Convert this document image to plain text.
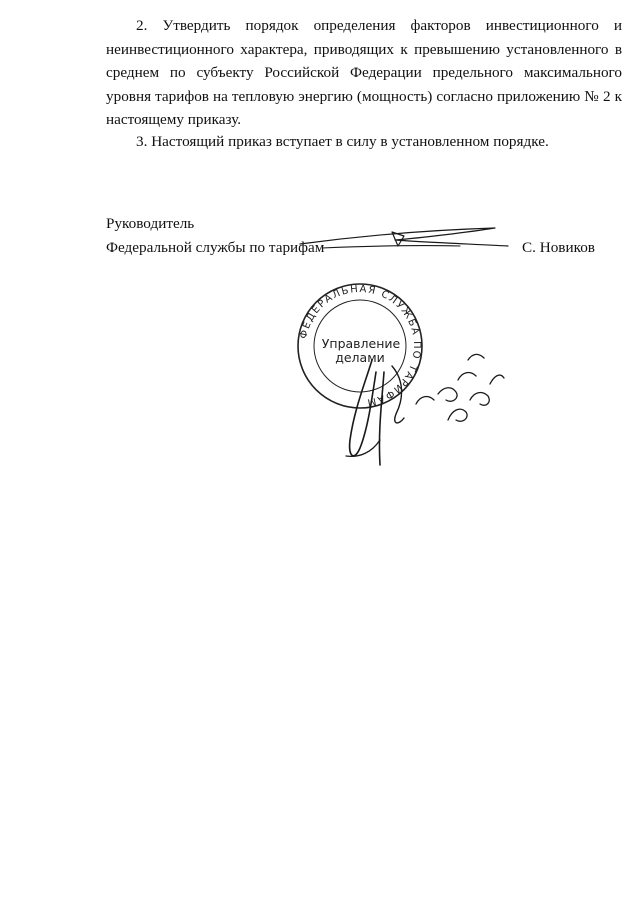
2. Утвердить порядок определения факторов инвестиционного и неинвестиционного характера, приводящих к превышению установленного в среднем по субъекту Российской Федерации предельного максимального уровня тарифов на тепловую энергию (мощность) согласно приложению № 2 к настоящему приказу.

3. Настоящий приказ вступает в силу в установленном порядке.

Руководитель
Федеральной службы по тарифам	С. Новиков
ФЕДЕРАЛЬНАЯ СЛУЖБА ПО ТАРИФАМ
Управление
делами
